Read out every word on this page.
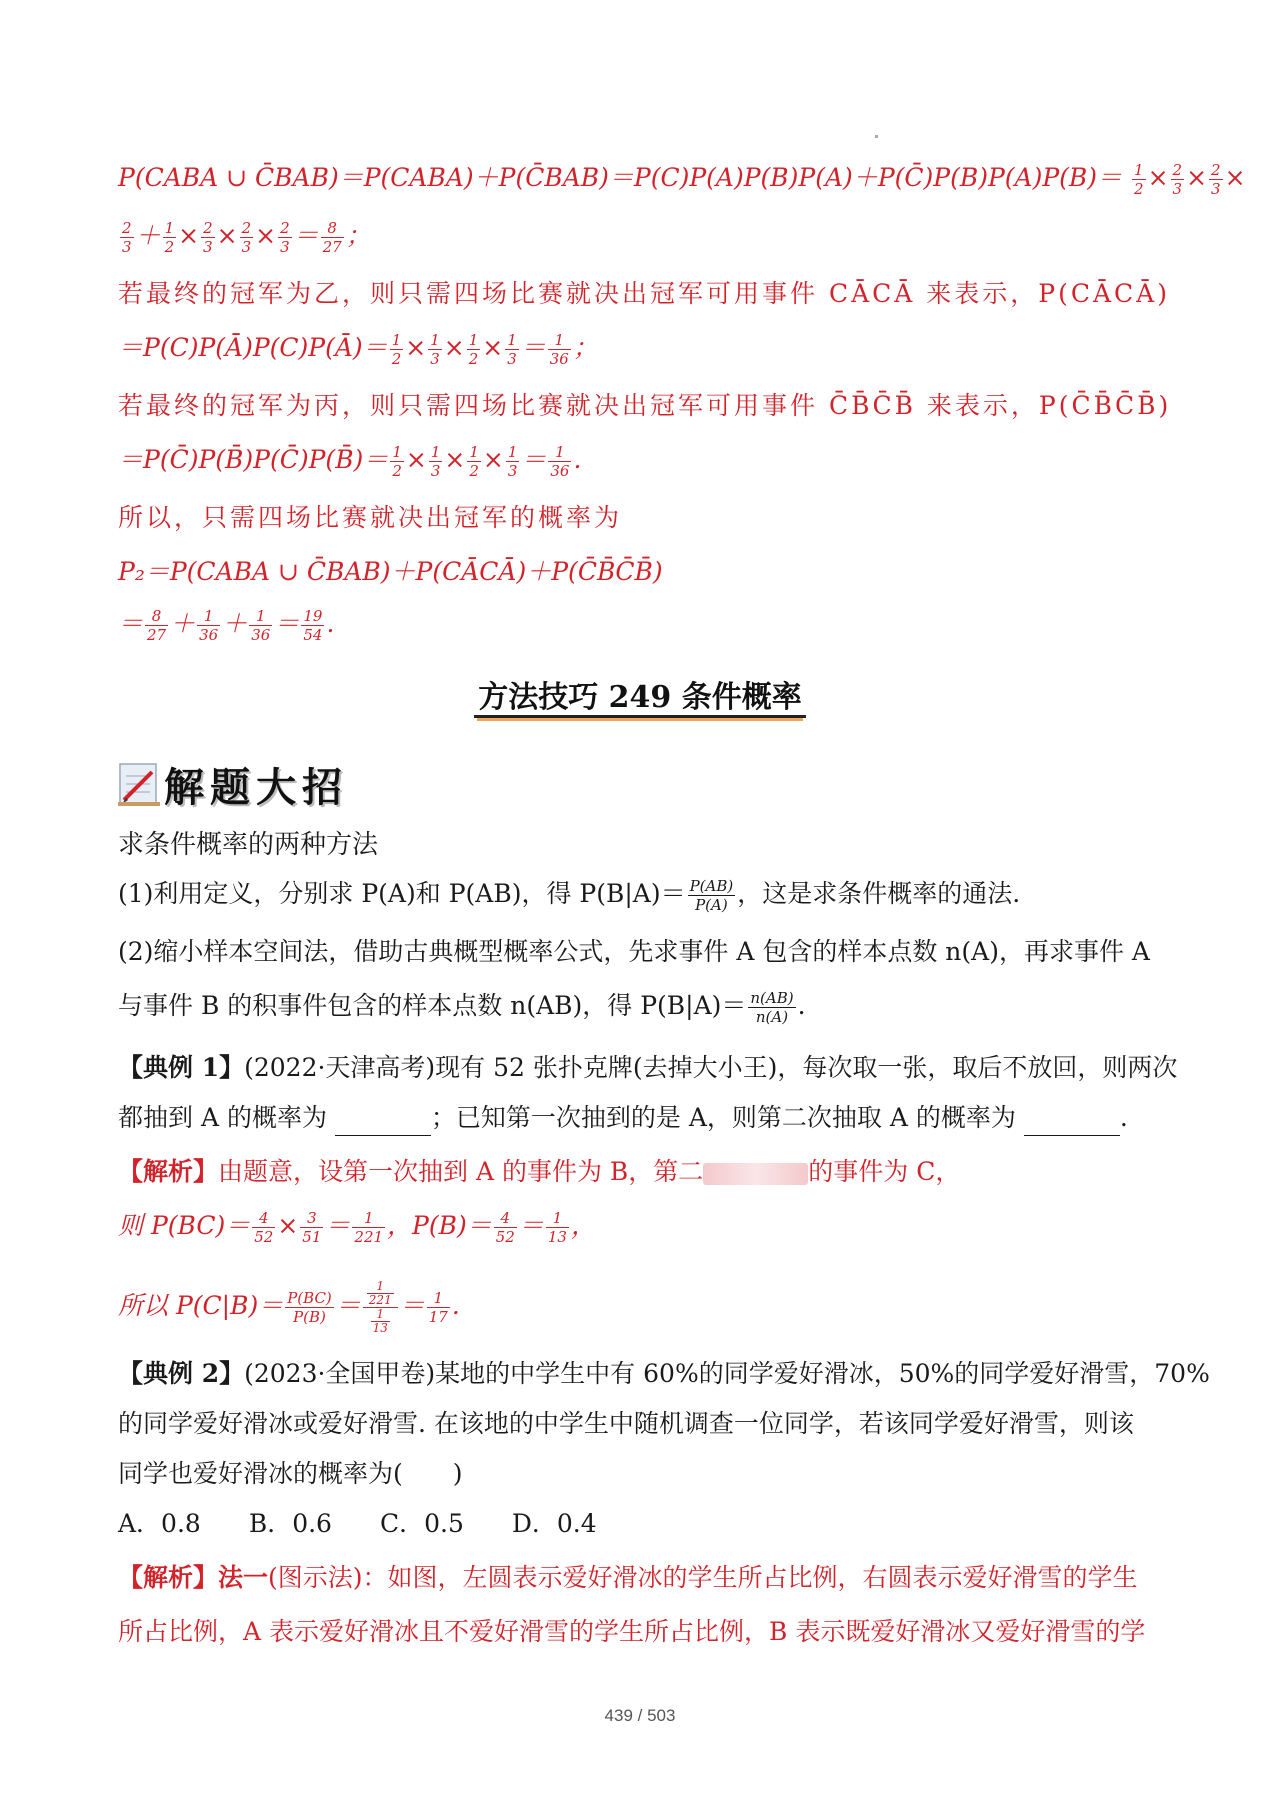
P(CABA ∪ C̄BAB)＝P(CABA)＋P(C̄BAB)＝P(C)P(A)P(B)P(A)＋P(C̄)P(B)P(A)P(B)＝ $\frac{1}{2} \times \frac{2}{3} \times \frac{2}{3}$ ×
$\frac{2}{3} + \frac{1}{2} \times \frac{2}{3} \times \frac{2}{3} \times \frac{2}{3} = \frac{8}{27}$ ；
若最终的冠军为乙，则只需四场比赛就决出冠军可用事件 CĀCĀ 来表示，P(CĀCĀ)
＝P(C)P(Ā)P(C)P(Ā)＝ $\frac{1}{2} \times \frac{1}{3} \times \frac{1}{2} \times \frac{1}{3} = \frac{1}{36}$ ；
若最终的冠军为丙，则只需四场比赛就决出冠军可用事件 C̄B̄C̄B̄ 来表示，P(C̄B̄C̄B̄)
＝P(C̄)P(B̄)P(C̄)P(B̄)＝ $\frac{1}{2} \times \frac{1}{3} \times \frac{1}{2} \times \frac{1}{3} = \frac{1}{36}$ .
所以，只需四场比赛就决出冠军的概率为
P₂＝P(CABA ∪ C̄BAB)＋P(CĀCĀ)＋P(C̄B̄C̄B̄)
＝ $\frac{8}{27} + \frac{1}{36} + \frac{1}{36} = \frac{19}{54}$ .
方法技巧 249 条件概率
解题大招
求条件概率的两种方法
(1)利用定义，分别求 P(A)和 P(AB)，得 $P(B|A)= \frac{P(AB)}{P(A)}$ ，这是求条件概率的通法.
(2)缩小样本空间法，借助古典概型概率公式，先求事件 A 包含的样本点数 n(A)，再求事件 A
与事件 B 的积事件包含的样本点数 n(AB)，得 $P(B|A)= \frac{n(AB)}{n(A)}$ .
【典例 1】(2022·天津高考)现有 52 张扑克牌(去掉大小王)，每次取一张，取后不放回，则两次
都抽到 A 的概率为	；已知第一次抽到的是 A，则第二次抽取 A 的概率为	.
【解析】由题意，设第一次抽到 A 的事件为 B，第二	的事件为 C，
则 $P(BC)= \frac{4}{52} \times \frac{3}{51} = \frac{1}{221}$ ，$P(B)= \frac{4}{52} = \frac{1}{13}$ ，
所以 $P(C|B)= \frac{P(BC)}{P(B)} = \frac{\frac{1}{221}}{\frac{1}{13}} = \frac{1}{17}$ .
【典例 2】(2023·全国甲卷)某地的中学生中有 60%的同学爱好滑冰，50%的同学爱好滑雪，70%
的同学爱好滑冰或爱好滑雪. 在该地的中学生中随机调查一位同学，若该同学爱好滑雪，则该
同学也爱好滑冰的概率为(　　)
A．0.8 B．0.6 C．0.5 D．0.4
【解析】法一(图示法)：如图，左圆表示爱好滑冰的学生所占比例，右圆表示爱好滑雪的学生
所占比例，A 表示爱好滑冰且不爱好滑雪的学生所占比例，B 表示既爱好滑冰又爱好滑雪的学
439 / 503
